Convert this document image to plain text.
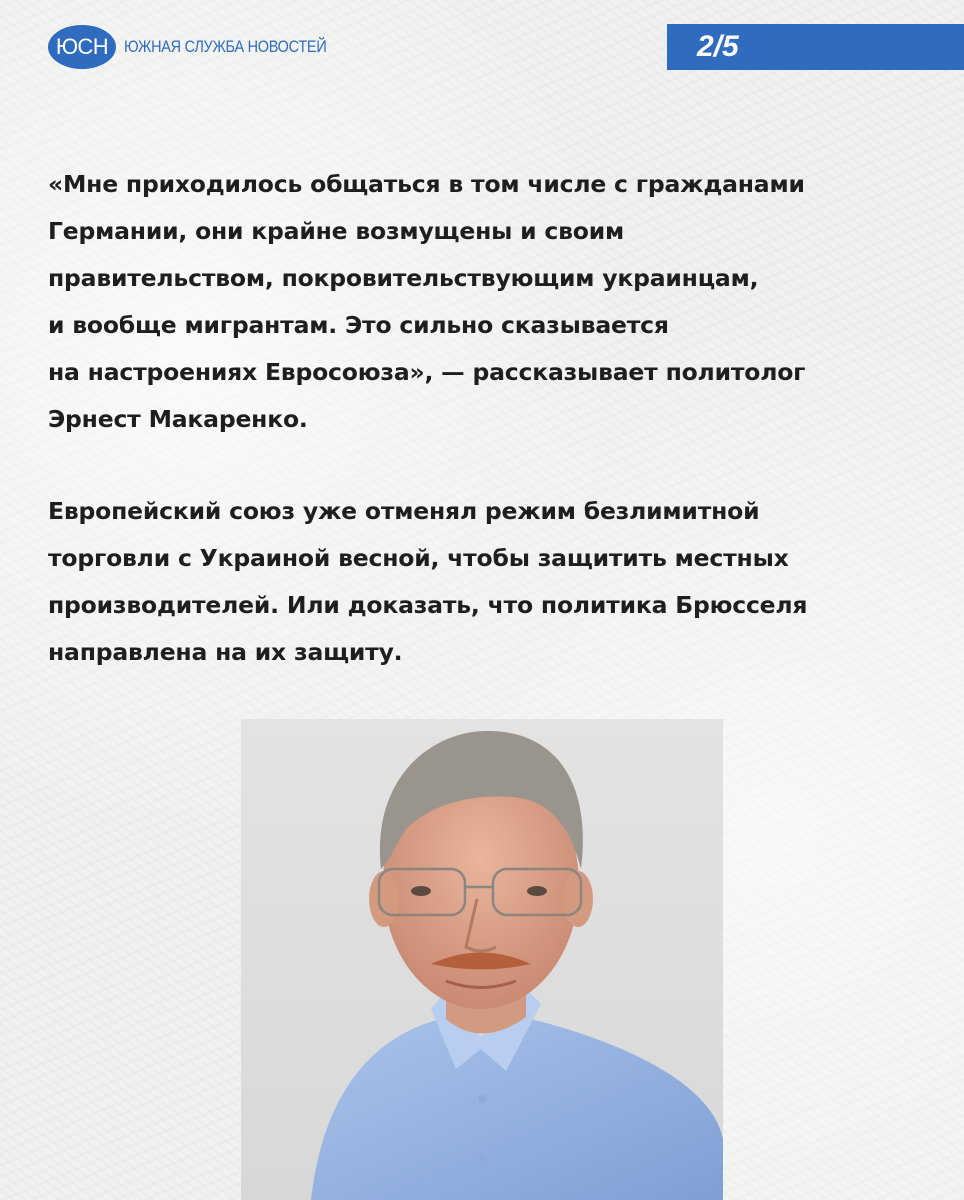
ЮСН ЮЖНАЯ СЛУЖБА НОВОСТЕЙ	2/5
«Мне приходилось общаться в том числе с гражданами
Германии, они крайне возмущены и своим
правительством, покровительствующим украинцам,
и вообще мигрантам. Это сильно сказывается
на настроениях Евросоюза», — рассказывает политолог
Эрнест Макаренко.
Европейский союз уже отменял режим безлимитной
торговли с Украиной весной, чтобы защитить местных
производителей. Или доказать, что политика Брюсселя
направлена на их защиту.
